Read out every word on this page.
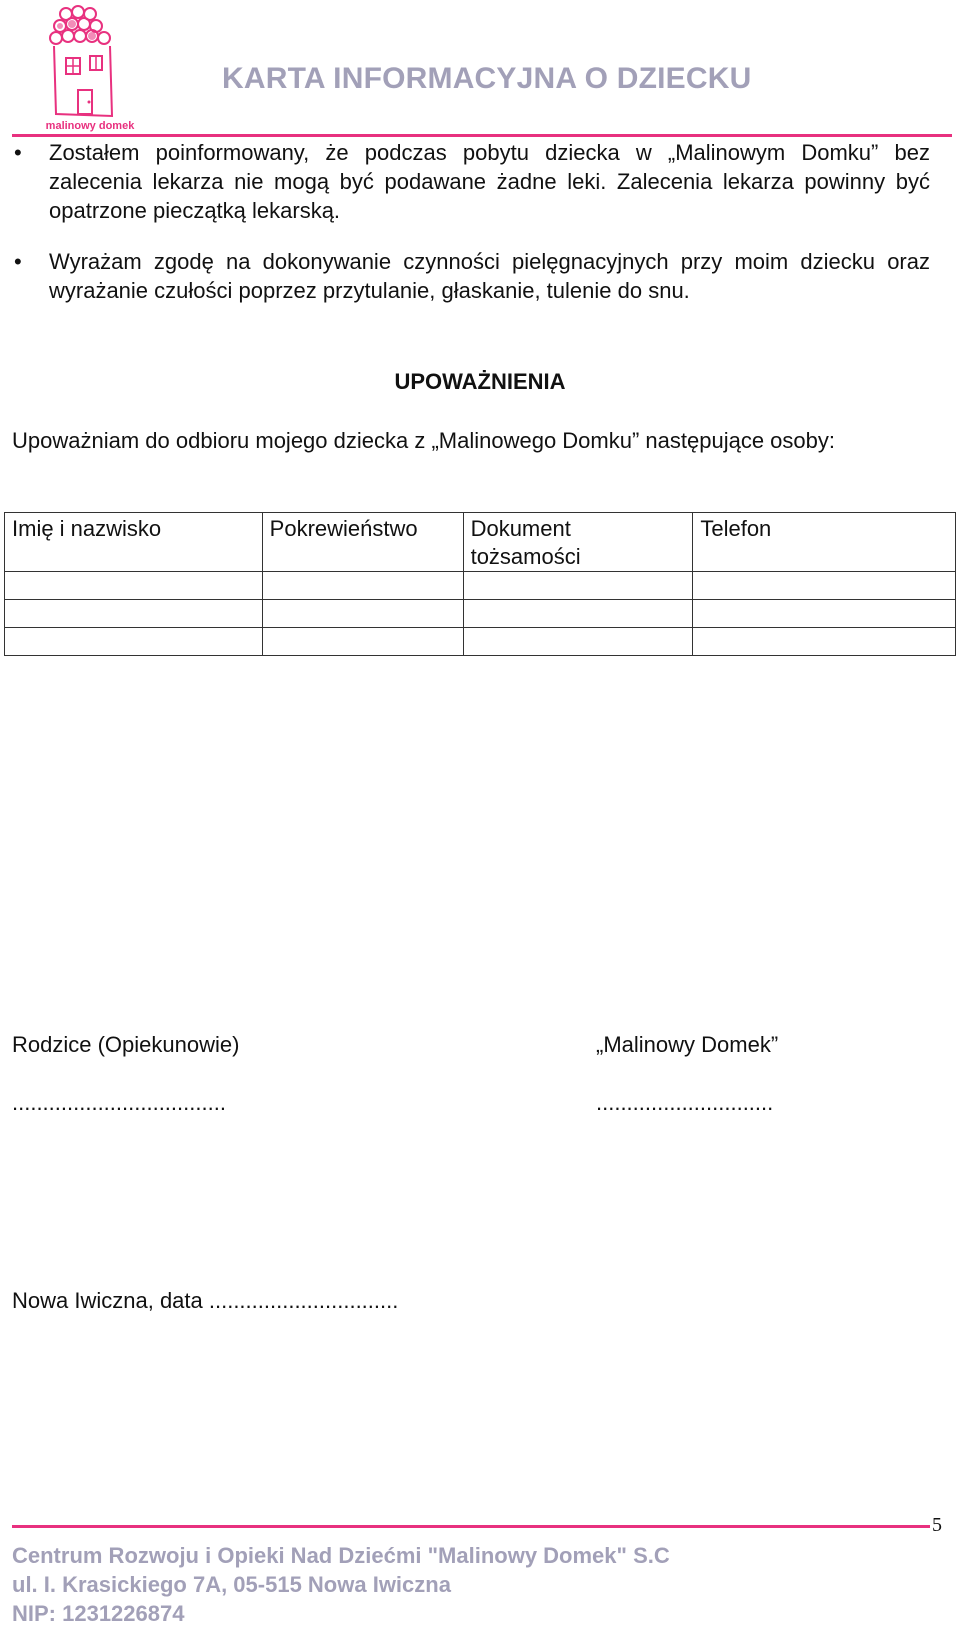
malinowy domek
KARTA INFORMACYJNA O DZIECKU
• Zostałem poinformowany, że podczas pobytu dziecka w „Malinowym Domku” bez zalecenia lekarza nie mogą być podawane żadne leki. Zalecenia lekarza powinny być opatrzone pieczątką lekarską.
• Wyrażam zgodę na dokonywanie czynności pielęgnacyjnych przy moim dziecku oraz wyrażanie czułości poprzez przytulanie, głaskanie, tulenie do snu.
UPOWAŻNIENIA
Upoważniam do odbioru mojego dziecka z „Malinowego Domku” następujące osoby:
Imię i nazwisko	Pokrewieństwo	Dokument tożsamości	Telefon

Rodzice (Opiekunowie)	„Malinowy Domek”
...................................	.............................
Nowa Iwiczna, data ...............................
5
Centrum Rozwoju i Opieki Nad Dziećmi "Malinowy Domek" S.C
ul. I. Krasickiego 7A, 05-515 Nowa Iwiczna
NIP: 1231226874
